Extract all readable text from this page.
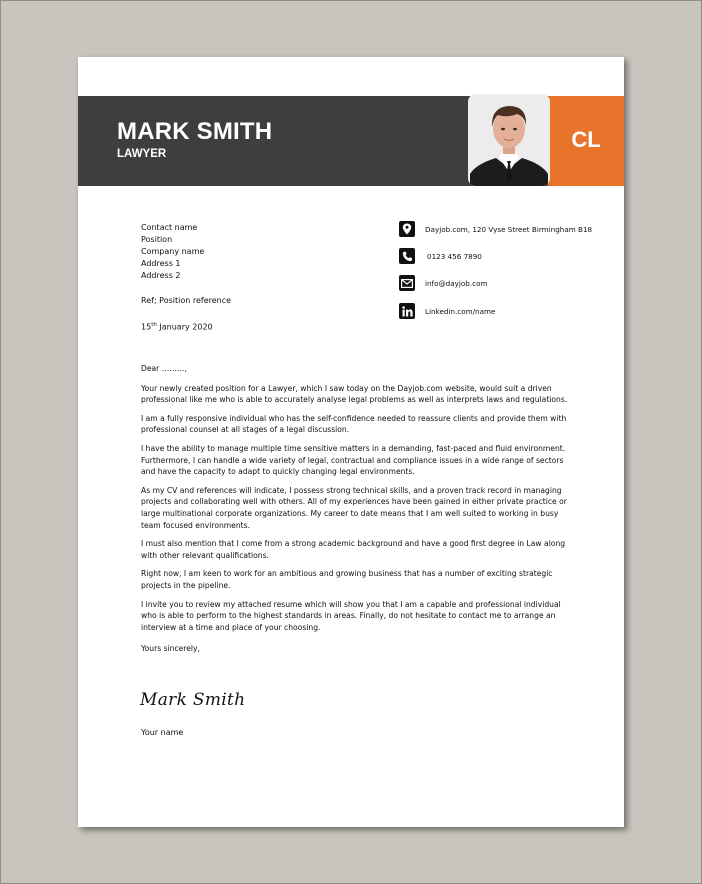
MARK SMITH
LAWYER
CL
Contact name
Position
Company name
Address 1
Address 2
Ref; Position reference
15th January 2020
Dayjob.com, 120 Vyse Street Birmingham B18
0123 456 7890
info@dayjob.com
Linkedin.com/name

Dear ………,

Your newly created position for a Lawyer, which I saw today on the Dayjob.com website, would suit a driven professional like me who is able to accurately analyse legal problems as well as interprets laws and regulations.

I am a fully responsive individual who has the self-confidence needed to reassure clients and provide them with professional counsel at all stages of a legal discussion.

I have the ability to manage multiple time sensitive matters in a demanding, fast-paced and fluid environment. Furthermore, I can handle a wide variety of legal, contractual and compliance issues in a wide range of sectors and have the capacity to adapt to quickly changing legal environments.

As my CV and references will indicate, I possess strong technical skills, and a proven track record in managing projects and collaborating well with others. All of my experiences have been gained in either private practice or large multinational corporate organizations. My career to date means that I am well suited to working in busy team focused environments.

I must also mention that I come from a strong academic background and have a good first degree in Law along with other relevant qualifications.

Right now, I am keen to work for an ambitious and growing business that has a number of exciting strategic projects in the pipeline.

I invite you to review my attached resume which will show you that I am a capable and professional individual who is able to perform to the highest standards in areas. Finally, do not hesitate to contact me to arrange an interview at a time and place of your choosing.

Yours sincerely,

Mark Smith
Your name
